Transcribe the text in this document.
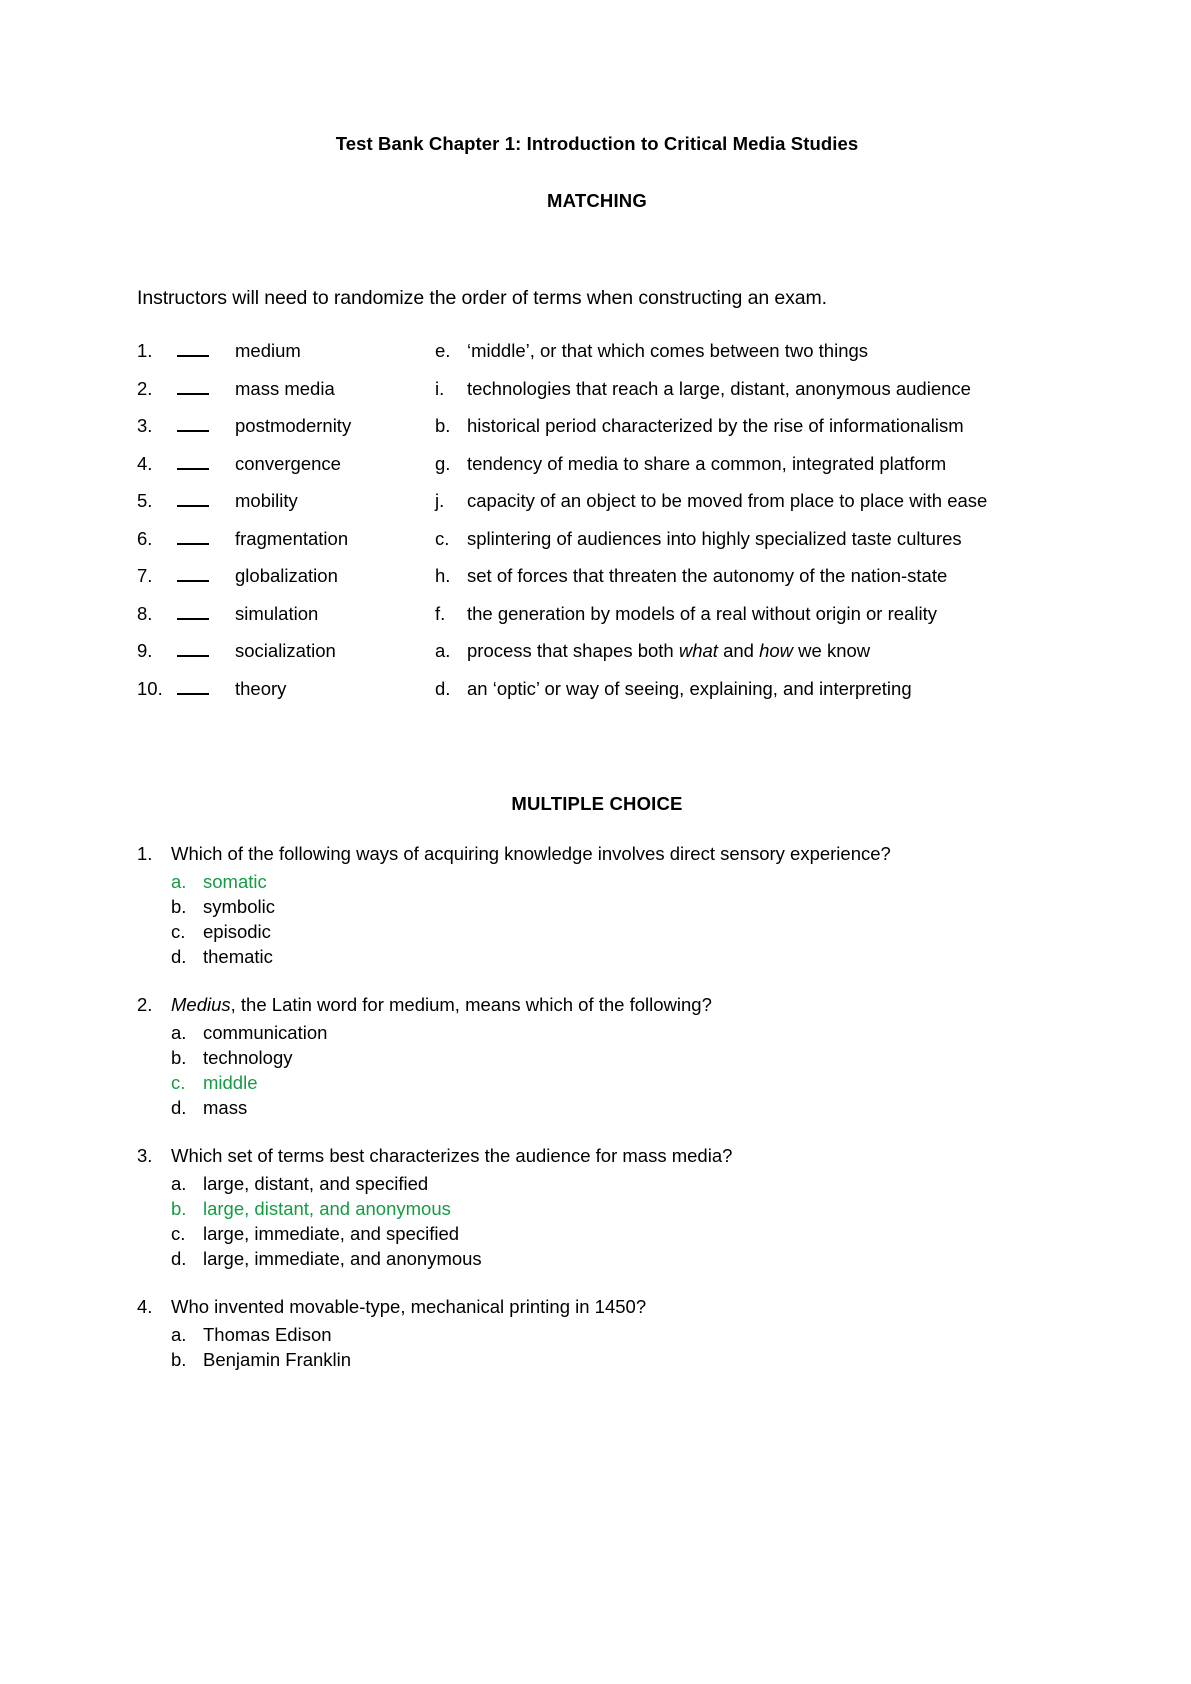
Test Bank Chapter 1: Introduction to Critical Media Studies
MATCHING
Instructors will need to randomize the order of terms when constructing an exam.
1.	medium	e. ‘middle’, or that which comes between two things
2.	mass media	i.	technologies that reach a large, distant, anonymous audience
3.	postmodernity	b. historical period characterized by the rise of informationalism
4.	convergence	g. tendency of media to share a common, integrated platform
5.	mobility	j.	capacity of an object to be moved from place to place with ease
6.	fragmentation	c. splintering of audiences into highly specialized taste cultures
7.	globalization	h. set of forces that threaten the autonomy of the nation-state
8.	simulation	f.	the generation by models of a real without origin or reality
9.	socialization	a. process that shapes both what and how we know
10.	theory	d. an ‘optic’ or way of seeing, explaining, and interpreting
MULTIPLE CHOICE
1.	Which of the following ways of acquiring knowledge involves direct sensory experience?
a. somatic
b. symbolic
c. episodic
d. thematic
2.	Medius, the Latin word for medium, means which of the following?
a. communication
b. technology
c. middle
d. mass
3.	Which set of terms best characterizes the audience for mass media?
a. large, distant, and specified
b. large, distant, and anonymous
c. large, immediate, and specified
d. large, immediate, and anonymous
4.	Who invented movable-type, mechanical printing in 1450?
a. Thomas Edison
b. Benjamin Franklin
